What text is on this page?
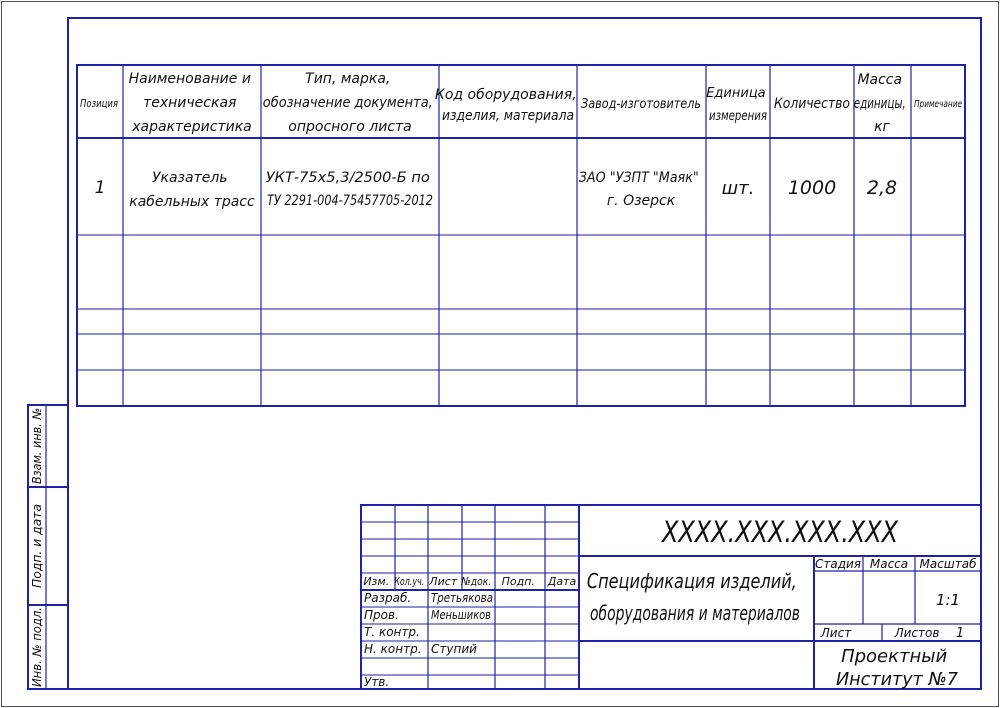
Позиция
Наименование и техническая характеристика
Тип, марка, обозначение документа, опросного листа
Код оборудования, изделия, материала
Завод-изготовитель
Единица измерения
Количество
Масса единицы, кг
Примечание
1	Указатель кабельных трасс
УКТ-75х5,3/2500-Б по ТУ 2291-004-75457705-2012
ЗАО "УЗПТ "Маяк" г. Озерск
шт. 1000 2,8
Взам. инв. №
Подп. и дата
Инв. № подл.
XXXX.XXX.XXX.XXX
Изм. Кол.уч. Лист №док. Подп. Дата
Разраб. Пров. Т. контр. Н. контр. Утв.
Третьякова Меньшиков Ступий
Спецификация изделий, оборудования и материалов
Стадия Масса Масштаб
1:1
Лист	Листов 1
Проектный Институт №7
